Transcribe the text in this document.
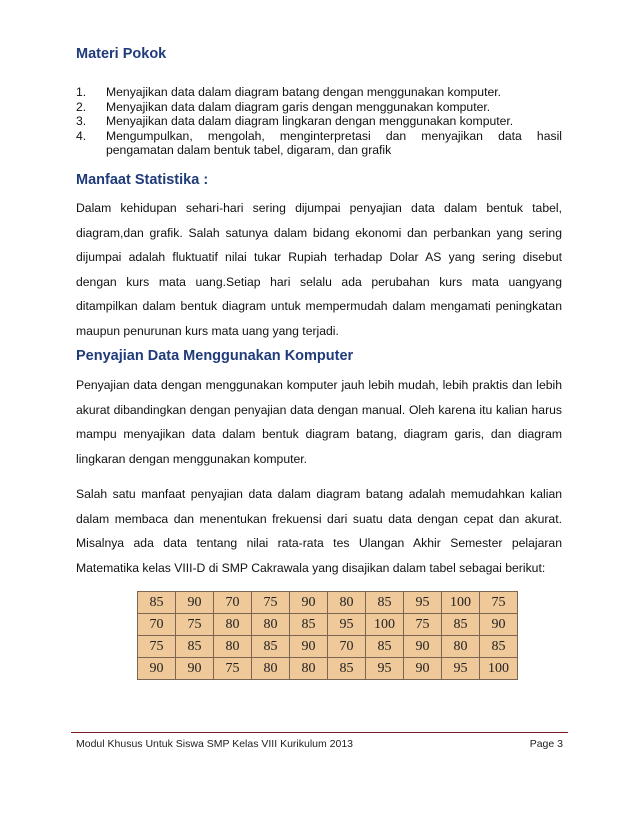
Materi Pokok
1. Menyajikan data dalam diagram batang dengan menggunakan komputer.
2. Menyajikan data dalam diagram garis dengan menggunakan komputer.
3. Menyajikan data dalam diagram lingkaran dengan menggunakan komputer.
4. Mengumpulkan, mengolah, menginterpretasi dan menyajikan data hasil pengamatan dalam bentuk tabel, digaram, dan grafik
Manfaat Statistika :

Dalam kehidupan sehari-hari sering dijumpai penyajian data dalam bentuk tabel, diagram,dan grafik. Salah satunya dalam bidang ekonomi dan perbankan yang sering dijumpai adalah fluktuatif nilai tukar Rupiah terhadap Dolar AS yang sering disebut dengan kurs mata uang.Setiap hari selalu ada perubahan kurs mata uangyang ditampilkan dalam bentuk diagram untuk mempermudah dalam mengamati peningkatan maupun penurunan kurs mata uang yang terjadi.

Penyajian Data Menggunakan Komputer

Penyajian data dengan menggunakan komputer jauh lebih mudah, lebih praktis dan lebih akurat dibandingkan dengan penyajian data dengan manual. Oleh karena itu kalian harus mampu menyajikan data dalam bentuk diagram batang, diagram garis, dan diagram lingkaran dengan menggunakan komputer.

Salah satu manfaat penyajian data dalam diagram batang adalah memudahkan kalian dalam membaca dan menentukan frekuensi dari suatu data dengan cepat dan akurat. Misalnya ada data tentang nilai rata-rata tes Ulangan Akhir Semester pelajaran Matematika kelas VIII-D di SMP Cakrawala yang disajikan dalam tabel sebagai berikut:

85	90	70	75	90	80	85	95	100	75
70	75	80	80	85	95	100	75	85	90
75	85	80	85	90	70	85	90	80	85
90	90	75	80	80	85	95	90	95	100
Modul Khusus Untuk Siswa SMP Kelas VIII Kurikulum 2013	Page 3
